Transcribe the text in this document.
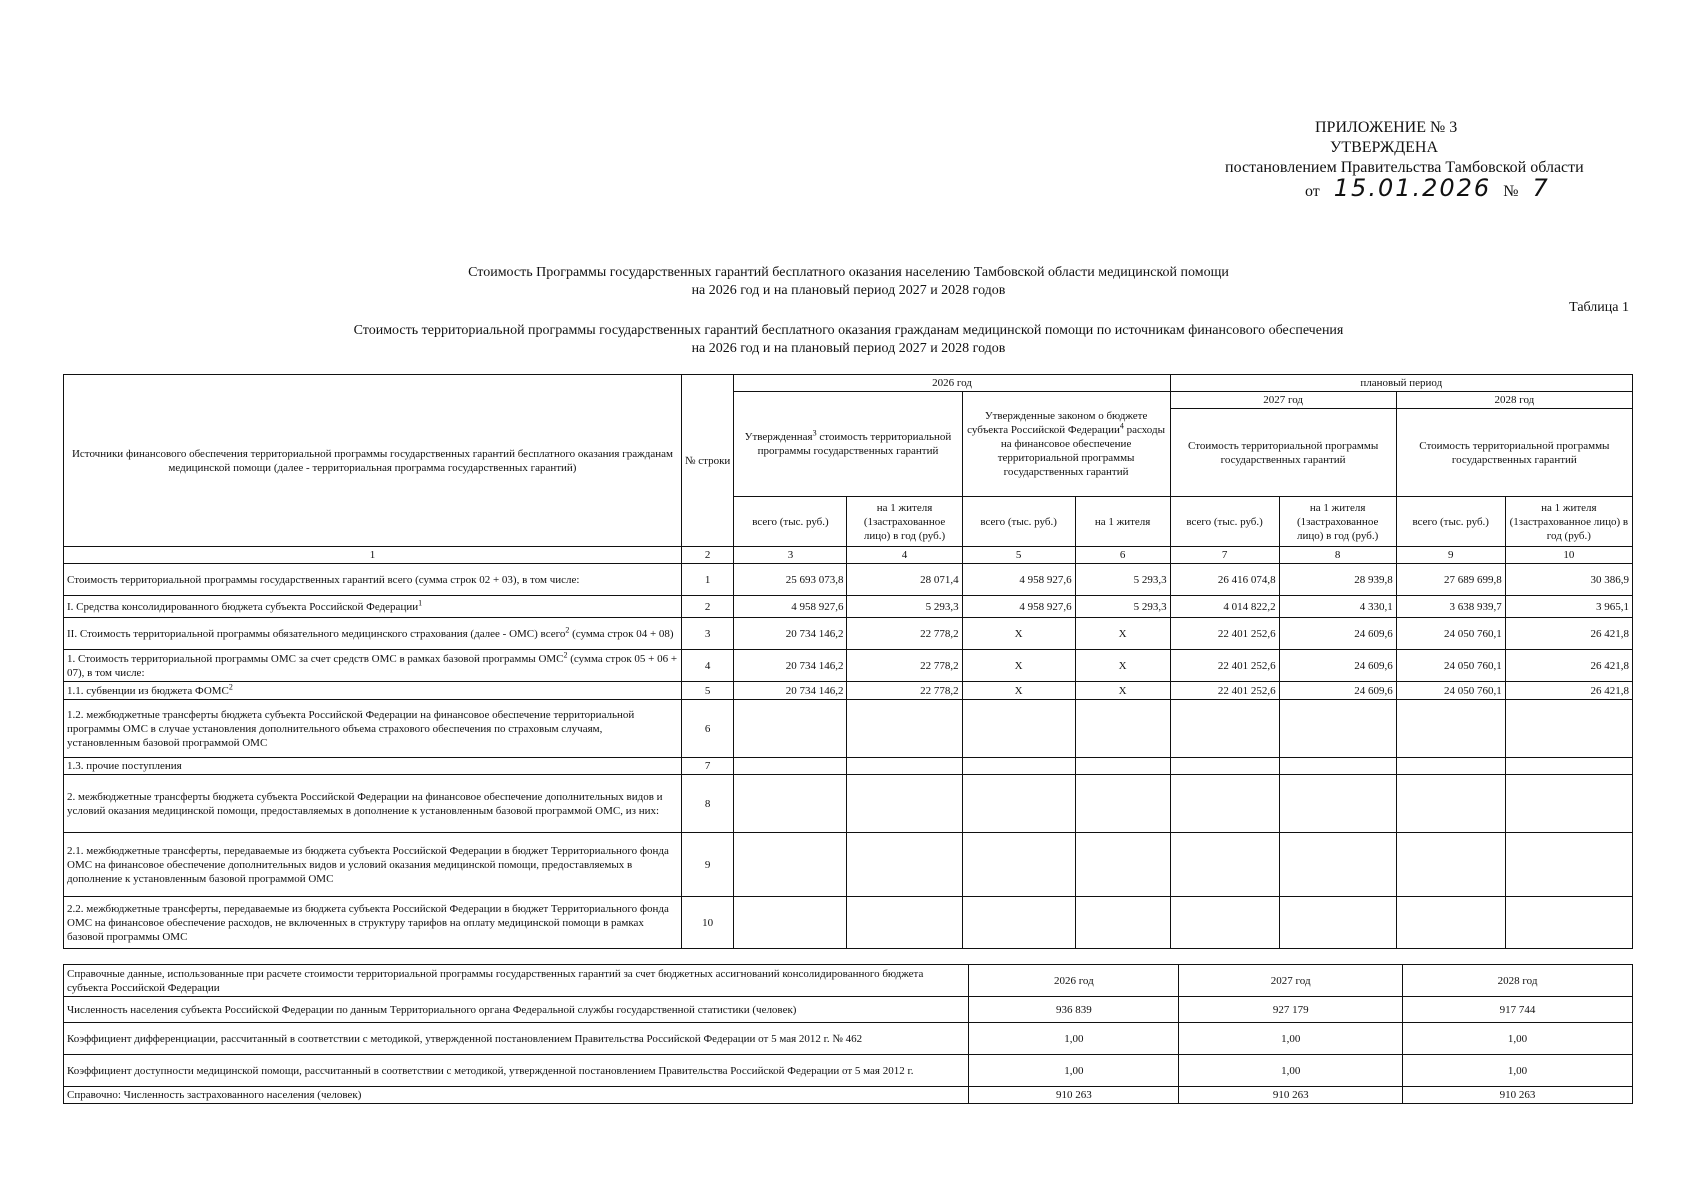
ПРИЛОЖЕНИЕ № 3
УТВЕРЖДЕНА
постановлением Правительства Тамбовской области
от 15.01.2026 № 7
Стоимость Программы государственных гарантий бесплатного оказания населению Тамбовской области медицинской помощи
на 2026 год и на плановый период 2027 и 2028 годов
Таблица 1
Стоимость территориальной программы государственных гарантий бесплатного оказания гражданам медицинской помощи по источникам финансового обеспечения
на 2026 год и на плановый период 2027 и 2028 годов
Источники финансового обеспечения территориальной программы государственных гарантий бесплатного оказания гражданам медицинской помощи (далее - территориальная программа государственных гарантий)	№ строки	2026 год				плановый период			
		Утвержденная$^3$ стоимость территориальной программы государственных гарантий		Утвержденные законом о бюджете субъекта Российской Федерации$^4$ расходы на финансовое обеспечение территориальной программы государственных гарантий		2027 год		2028 год	
						Стоимость территориальной программы государственных гарантий		Стоимость территориальной программы государственных гарантий	
		всего (тыс. руб.)	на 1 жителя (1застрахованное лицо) в год (руб.)	всего (тыс. руб.)	на 1 жителя	всего (тыс. руб.)	на 1 жителя (1застрахованное лицо) в год (руб.)	всего (тыс. руб.)	на 1 жителя (1застрахованное лицо) в год (руб.)
1	2	3	4	5	6	7	8	9	10
Стоимость территориальной программы государственных гарантий всего (сумма строк 02 + 03), в том числе:	1	25 693 073,8	28 071,4	4 958 927,6	5 293,3	26 416 074,8	28 939,8	27 689 699,8	30 386,9
I. Средства консолидированного бюджета субъекта Российской Федерации$^1$	2	4 958 927,6	5 293,3	4 958 927,6	5 293,3	4 014 822,2	4 330,1	3 638 939,7	3 965,1
II. Стоимость территориальной программы обязательного медицинского страхования (далее - ОМС) всего$^2$ (сумма строк 04 + 08)	3	20 734 146,2	22 778,2	X	X	22 401 252,6	24 609,6	24 050 760,1	26 421,8
1. Стоимость территориальной программы ОМС за счет средств ОМС в рамках базовой программы ОМС$^2$ (сумма строк 05 + 06 + 07), в том числе:	4	20 734 146,2	22 778,2	X	X	22 401 252,6	24 609,6	24 050 760,1	26 421,8
1.1. субвенции из бюджета ФОМС$^2$	5	20 734 146,2	22 778,2	X	X	22 401 252,6	24 609,6	24 050 760,1	26 421,8
1.2. межбюджетные трансферты бюджета субъекта Российской Федерации на финансовое обеспечение территориальной программы ОМС в случае установления дополнительного объема страхового обеспечения по страховым случаям, установленным базовой программой ОМС	6								
1.3. прочие поступления	7								
2. межбюджетные трансферты бюджета субъекта Российской Федерации на финансовое обеспечение дополнительных видов и условий оказания медицинской помощи, предоставляемых в дополнение к установленным базовой программой ОМС, из них:	8								
2.1. межбюджетные трансферты, передаваемые из бюджета субъекта Российской Федерации в бюджет Территориального фонда ОМС на финансовое обеспечение дополнительных видов и условий оказания медицинской помощи, предоставляемых в дополнение к установленным базовой программой ОМС	9								
2.2. межбюджетные трансферты, передаваемые из бюджета субъекта Российской Федерации в бюджет Территориального фонда ОМС на финансовое обеспечение расходов, не включенных в структуру тарифов на оплату медицинской помощи в рамках базовой программы ОМС	10								
Справочные данные, использованные при расчете стоимости территориальной программы государственных гарантий за счет бюджетных ассигнований консолидированного бюджета субъекта Российской Федерации	2026 год	2027 год	2028 год
Численность населения субъекта Российской Федерации по данным Территориального органа Федеральной службы государственной статистики (человек)	936 839	927 179	917 744
Коэффициент дифференциации, рассчитанный в соответствии с методикой, утвержденной постановлением Правительства Российской Федерации от 5 мая 2012 г. № 462	1,00	1,00	1,00
Коэффициент доступности медицинской помощи, рассчитанный в соответствии с методикой, утвержденной постановлением Правительства Российской Федерации от 5 мая 2012 г.	1,00	1,00	1,00
Справочно: Численность застрахованного населения (человек)	910 263	910 263	910 263
